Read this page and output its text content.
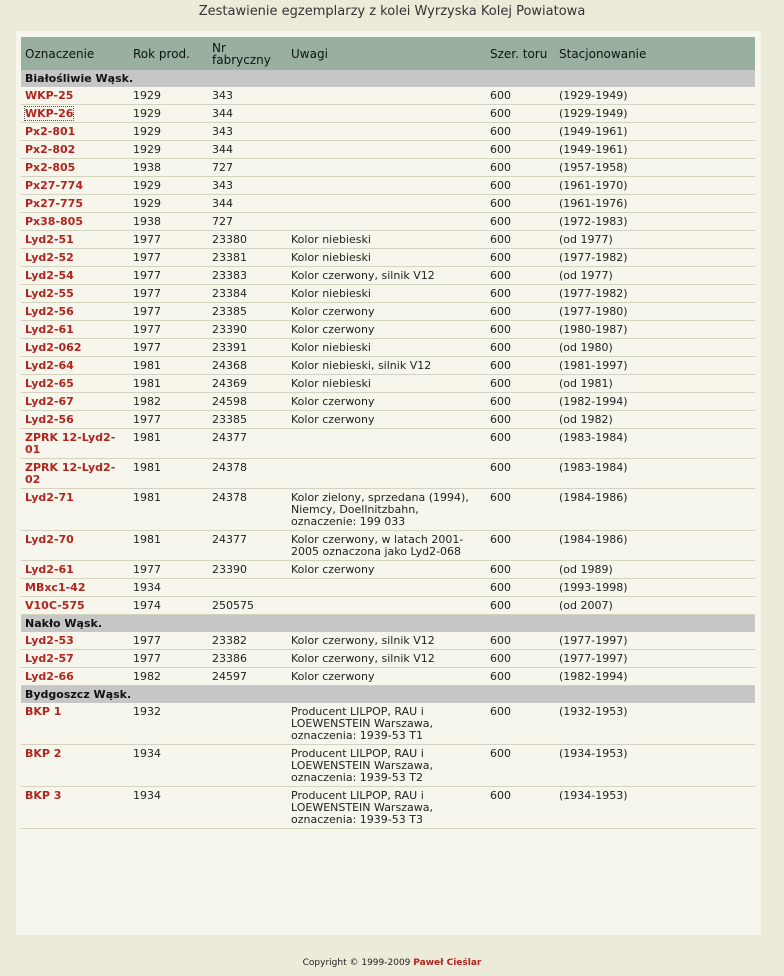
Zestawienie egzemplarzy z kolei Wyrzyska Kolej Powiatowa
Oznaczenie	Rok prod.	Nr fabryczny	Uwagi	Szer. toru	Stacjonowanie
Białośliwie Wąsk.					
WKP-25	1929	343		600	(1929-1949)
WKP-26	1929	344		600	(1929-1949)
Px2-801	1929	343		600	(1949-1961)
Px2-802	1929	344		600	(1949-1961)
Px2-805	1938	727		600	(1957-1958)
Px27-774	1929	343		600	(1961-1970)
Px27-775	1929	344		600	(1961-1976)
Px38-805	1938	727		600	(1972-1983)
Lyd2-51	1977	23380	Kolor niebieski	600	(od 1977)
Lyd2-52	1977	23381	Kolor niebieski	600	(1977-1982)
Lyd2-54	1977	23383	Kolor czerwony, silnik V12	600	(od 1977)
Lyd2-55	1977	23384	Kolor niebieski	600	(1977-1982)
Lyd2-56	1977	23385	Kolor czerwony	600	(1977-1980)
Lyd2-61	1977	23390	Kolor czerwony	600	(1980-1987)
Lyd2-062	1977	23391	Kolor niebieski	600	(od 1980)
Lyd2-64	1981	24368	Kolor niebieski, silnik V12	600	(1981-1997)
Lyd2-65	1981	24369	Kolor niebieski	600	(od 1981)
Lyd2-67	1982	24598	Kolor czerwony	600	(1982-1994)
Lyd2-56	1977	23385	Kolor czerwony	600	(od 1982)
ZPRK 12-Lyd2-01	1981	24377		600	(1983-1984)
ZPRK 12-Lyd2-02	1981	24378		600	(1983-1984)
Lyd2-71	1981	24378	Kolor zielony, sprzedana (1994), Niemcy, Doellnitzbahn, oznaczenie: 199 033	600	(1984-1986)
Lyd2-70	1981	24377	Kolor czerwony, w latach 2001-2005 oznaczona jako Lyd2-068	600	(1984-1986)
Lyd2-61	1977	23390	Kolor czerwony	600	(od 1989)
MBxc1-42	1934			600	(1993-1998)
V10C-575	1974	250575		600	(od 2007)
Nakło Wąsk.					
Lyd2-53	1977	23382	Kolor czerwony, silnik V12	600	(1977-1997)
Lyd2-57	1977	23386	Kolor czerwony, silnik V12	600	(1977-1997)
Lyd2-66	1982	24597	Kolor czerwony	600	(1982-1994)
Bydgoszcz Wąsk.					
BKP 1	1932		Producent LILPOP, RAU i LOEWENSTEIN Warszawa, oznaczenia: 1939-53 T1	600	(1932-1953)
BKP 2	1934		Producent LILPOP, RAU i LOEWENSTEIN Warszawa, oznaczenia: 1939-53 T2	600	(1934-1953)
BKP 3	1934		Producent LILPOP, RAU i LOEWENSTEIN Warszawa, oznaczenia: 1939-53 T3	600	(1934-1953)
Copyright © 1999-2009 Paweł Cieślar
